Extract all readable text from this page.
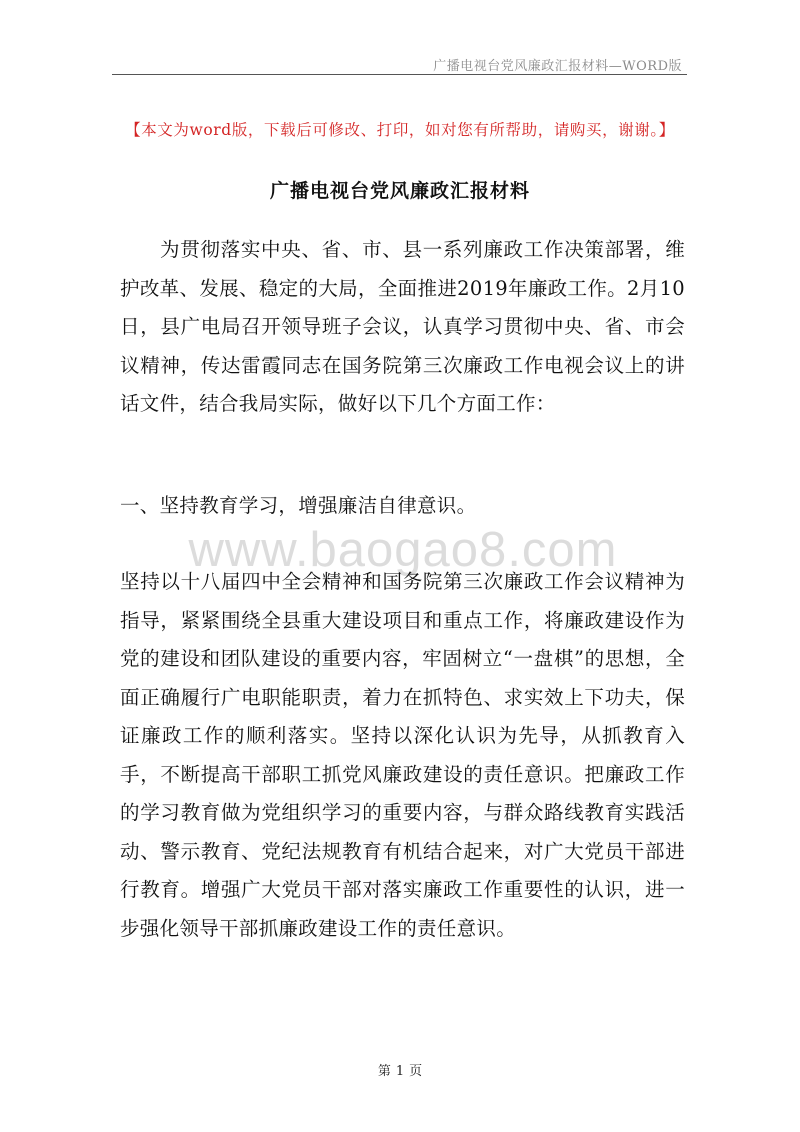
广播电视台党风廉政汇报材料—WORD版
【本文为word版，下载后可修改、打印，如对您有所帮助，请购买，谢谢。】
广播电视台党风廉政汇报材料
为贯彻落实中央、省、市、县一系列廉政工作决策部署，维护改革、发展、稳定的大局，全面推进2019年廉政工作。2月10日，县广电局召开领导班子会议，认真学习贯彻中央、省、市会议精神，传达雷霞同志在国务院第三次廉政工作电视会议上的讲话文件，结合我局实际，做好以下几个方面工作：
一、坚持教育学习，增强廉洁自律意识。
www.baogao8.com
坚持以十八届四中全会精神和国务院第三次廉政工作会议精神为指导，紧紧围绕全县重大建设项目和重点工作，将廉政建设作为党的建设和团队建设的重要内容，牢固树立“一盘棋”的思想，全面正确履行广电职能职责，着力在抓特色、求实效上下功夫，保证廉政工作的顺利落实。坚持以深化认识为先导，从抓教育入手，不断提高干部职工抓党风廉政建设的责任意识。把廉政工作的学习教育做为党组织学习的重要内容，与群众路线教育实践活动、警示教育、党纪法规教育有机结合起来，对广大党员干部进行教育。增强广大党员干部对落实廉政工作重要性的认识，进一步强化领导干部抓廉政建设工作的责任意识。
第 1 页
